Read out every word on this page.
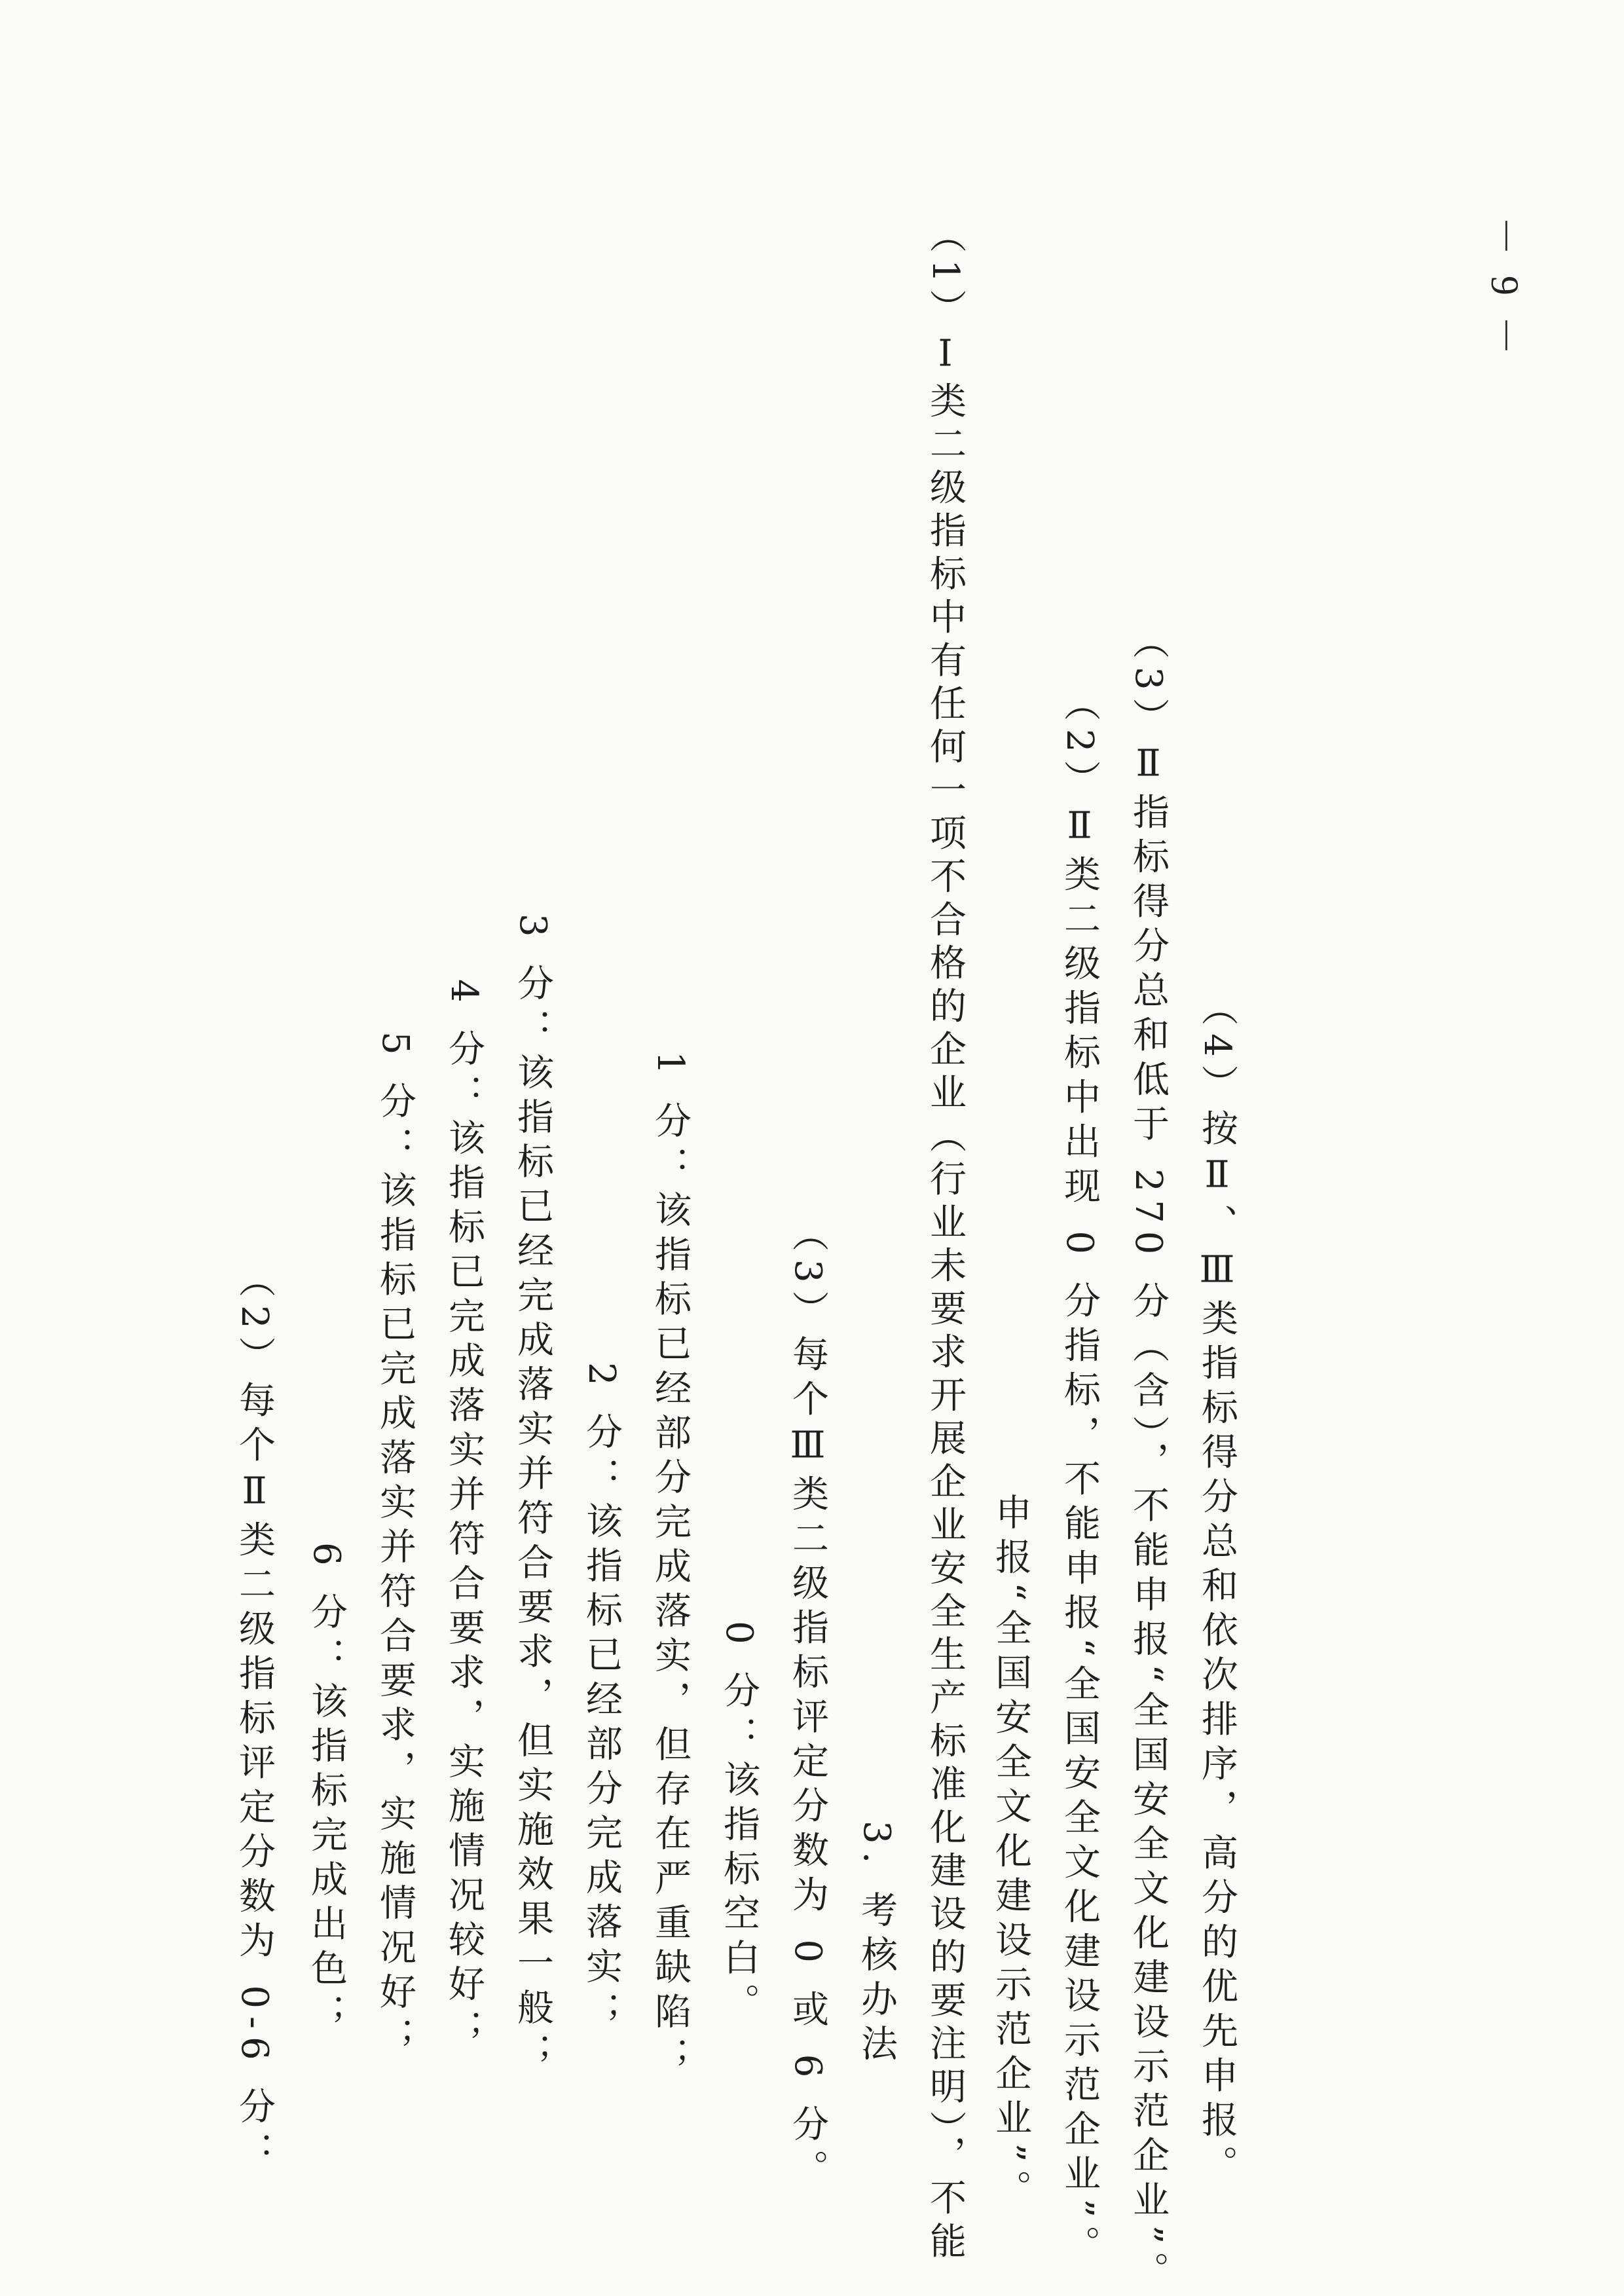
（2）每个Ⅱ类二级指标评定分数为 0-6 分： 6 分：该指标完成出色； 5 分：该指标已完成落实并符合要求，实施情况好； 4 分：该指标已完成落实并符合要求，实施情况较好； 3 分：该指标已经完成落实并符合要求，但实施效果一般； 2 分：该指标已经部分完成落实； 1 分：该指标已经部分完成落实，但存在严重缺陷； 0 分：该指标空白。 （3）每个Ⅲ类二级指标评定分数为 0 或 6 分。 3. 考核办法 （1）Ⅰ类二级指标中有任何一项不合格的企业（行业未要求开展企业安全生产标准化建设的要注明），不能 申报“全国安全文化建设示范企业”。 （2）Ⅱ类二级指标中出现 0 分指标，不能申报“全国安全文化建设示范企业”。 （3）Ⅱ指标得分总和低于 270 分（含），不能申报“全国安全文化建设示范企业”。 （4）按Ⅱ、Ⅲ类指标得分总和依次排序，高分的优先申报。
－ 9 －
